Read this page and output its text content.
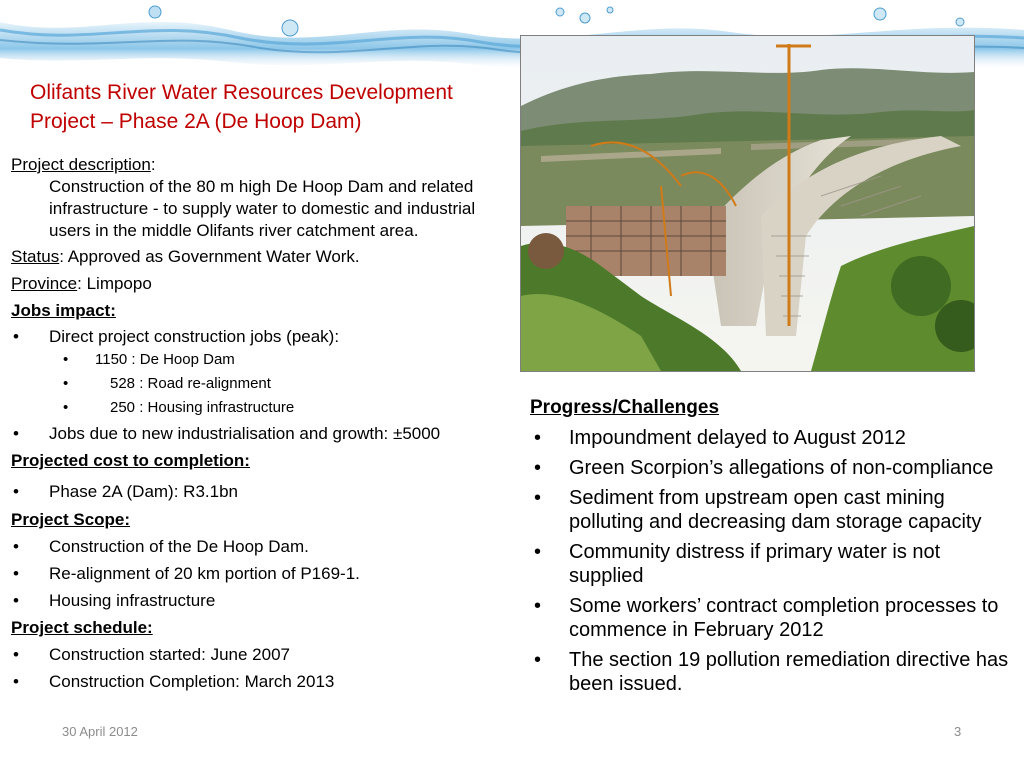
Olifants River Water Resources Development
Project – Phase 2A (De Hoop Dam)
Project description:
Construction of the 80 m high De Hoop Dam and related infrastructure - to supply water to domestic and industrial users in the middle Olifants river catchment area.
Status: Approved as Government Water Work.
Province: Limpopo
Jobs impact:
• Direct project construction jobs (peak):
• 1150 : De Hoop Dam
•	528 : Road re-alignment
•	250 : Housing infrastructure
• Jobs due to new industrialisation and growth: ±5000
Projected cost to completion:
• Phase 2A (Dam): R3.1bn
Project Scope:
• Construction of the De Hoop Dam.
• Re-alignment of 20 km portion of P169-1.
• Housing infrastructure
Project schedule:
• Construction started: June 2007
• Construction Completion: March 2013
Progress/Challenges
• Impoundment delayed to August 2012
• Green Scorpion’s allegations of non-compliance
• Sediment from upstream open cast mining polluting and decreasing dam storage capacity
• Community distress if primary water is not supplied
• Some workers’ contract completion processes to commence in February 2012
• The section 19 pollution remediation directive has been issued.
30 April 2012	3
